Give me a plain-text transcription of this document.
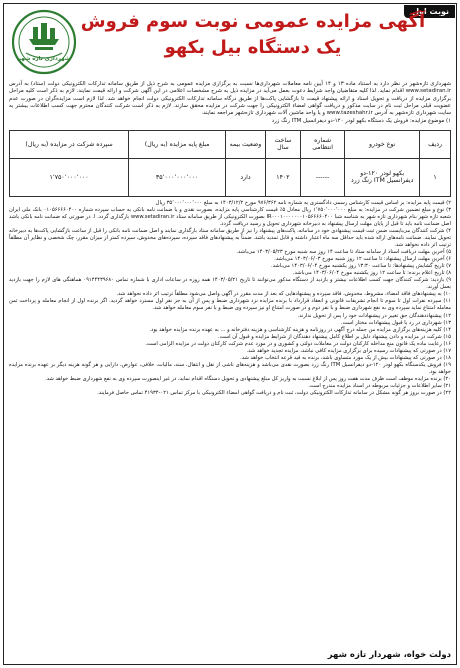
نوبت اول
آگهی مزایده عمومی نوبت سوم فروش
یک دستگاه بیل بکهو
شهرداری تازه شهر
شهرداری تازه‌شهر در نظر دارد به استناد ماده ۱۳ و ۱۴ آیین نامه معاملات شهرداری‌ها نسبت به برگزاری مزایده عمومی به شرح ذیل از طریق سامانه تدارکات الکترونیکی دولت (ستاد) به آدرس www.setadiran.ir اقدام نماید. لذا کلیه متقاضیان واجد شرایط دعوت بعمل می‌آید در مزایده ذیل به شرح مشخصات اعلامی در این آگهی شرکت و ارائه قیمت نمایند. لازم به ذکر است کلیه مراحل برگزاری مزایده از دریافت و تحویل اسناد و ارائه پیشنهاد قیمت تا بازگشایی پاکت‌ها از طریق درگاه سامانه تدارکات الکترونیکی دولت انجام خواهد شد. لذا لازم است مزایده‌گران در صورت عدم عضویت قبلی مراحل ثبت نام در سایت مذکور و دریافت گواهی امضاء الکترونیکی را جهت شرکت در مزایده محقق سازند. لازم به ذکر است شرکت کنندگان محترم جهت کسب اطلاعات بیشتر به سایت شهرداری تازه‌شهر به آدرس www.tazeshahr.ir و یا واحد ماشین آلات شهرداری تازه‌شهر مراجعه نمایند.
۱) موضوع مزایده: فروش یک دستگاه بکهو لودر ۱۲۰-دو دیفرانسیل ITM رنگ زرد
ردیف	نوع خودرو	شماره انتظامی	ساخت سال	وضعیت بیمه	مبلغ پایه مزایده (به ریال)	سپرده شرکت در مزایده (به ریال)
۱	بکهو لودر ۱۲۰-دو دیفرانسیل ITM رنگ زرد	------	۱۴۰۲	دارد	۳۵٬۰۰۰٬۰۰۰٬۰۰۰	۱٬۷۵۰٬۰۰۰٬۰۰۰

۲) قیمت پایه مزایده: بر اساس قیمت کارشناس رسمی دادگستری به شماره نامه ۹۷۶/۳۶۲ مورخ ۱۴۰۳/۱۲/۲ به مبلغ ۳۵٬۰۰۰٬۰۰۰٬۰۰۰ ریال

۳) نوع و مبلغ تضمین شرکت در مزایده: به مبلغ ۱٬۷۵۰٬۰۰۰٬۰۰۰ ریال معادل ۵٪ قیمت کارشناسی پایه مزایده، بصورت نقدی و یا ضمانت نامه بانکی به حساب سپرده شماره ۰۱۰۵۶۶۶۶۰۴۰۰ بانک ملی ایران شعبه تازه شهر بنام شهرداری تازه شهر به شناسه شبا IR۰۰۰۱۰۰۰۰۰۰۰۱۰۵۶۶۶۶۰۴۰۰ بصورت الکترونیکی از طریق سامانه ستاد www.setadiran.ir بارگذاری گردد. ا. در صورتی که ضمانت نامه بانکی باشد اصل ضمانت نامه باید تا قبل از پایان مهلت ارسال پیشنهاد به دبیرخانه شهرداری تحویل و رسید دریافت گردد.

۴) شرکت کنندگان می‌بایست ضمن ثبت قیمت پیشنهادی خود در سامانه، پاکت‌های پیشنهاد را نیز از طریق سامانه ستاد بارگذاری نمایند و اصل ضمانت نامه بانکی را قبل از ساعت بازگشایی پاکت‌ها به دبیرخانه تحویل نمایند. ضمانت نامه‌های ارائه شده باید حداقل سه ماه اعتبار داشته و قابل تمدید باشد. ضمناً به پیشنهادهای فاقد سپرده، سپرده‌های مخدوش، سپرده کمتر از میزان مقرر، چک شخصی و نظایر آن مطلقاً ترتیب اثر داده نخواهد شد.

۵) آخرین مهلت دریافت اسناد از سامانه ستاد تا ساعت ۱۴ روز سه شنبه مورخ ۱۴۰۳/۰۵/۲۳ می‌باشد.

۶) آخرین مهلت ارسال پیشنهاد: تا ساعت ۱۲ روز شنبه مورخ ۱۴۰۳/۰۶/۰۳ می‌باشد.

۷) تاریخ گشایش پیشنهادها: تا ساعت ۱۳:۳۰ روز یکشنبه مورخ ۱۴۰۳/۰۶/۰۴ می‌باشد.

۸) تاریخ اعلام برنده: تا ساعت ۱۲ روز یکشنبه مورخ ۱۴۰۳/۰۶/۰۴ می‌باشد.

۹) بازدید: شرکت کنندگان جهت کسب اطلاعات بیشتر و بازدید از دستگاه مذکور می‌توانند تا تاریخ ۱۴۰۳/۰۵/۲۱ همه روزه در ساعات اداری با شماره تماس ۰۹۱۴۴۴۳۹۶۸۰ هماهنگی های لازم را جهت بازدید بعمل آورند.

۱۰) به پیشنهادهای فاقد امضاء، مشروط، مخدوش، فاقد سپرده و پیشنهادهایی که بعد از مدت مقرر در آگهی واصل می‌شود مطلقاً ترتیب اثر داده نخواهد شد.

۱۱) سپرده نفرات اول تا سوم تا انجام تشریفات قانونی و انعقاد قرارداد با برنده مزایده نزد شهرداری ضبط و پس از آن به جز نفر اول مسترد خواهد گردید. اگر برنده اول از انجام معامله و پرداخت ثمن معامله امتناع نماید سپرده وی به نفع شهرداری ضبط و با نفر دوم و در صورت امتناع او نیز سپرده وی ضبط و با نفر سوم معامله خواهد شد.

۱۲) پیشنهاددهندگان حق تغییر در پیشنهادات خود را پس از تحویل ندارند.

۱۳) شهرداری در رد یا قبول پیشنهادات مختار است.

۱۴) کلیه هزینه‌های برگزاری مزایده من جمله درج آگهی در روزنامه و هزینه کارشناسی و هزینه دفترخانه و ... به عهده برنده مزایده خواهد بود.

۱۵) شرکت در مزایده و دادن پیشنهاد دلیل بر اطلاع کامل پیشنهاد دهندگان از شرایط مزایده و قبول آن است.

۱۶) رعایت ماده یک قانون منع مداخله کارکنان دولت در معاملات دولتی و کشوری و در مورد عدم شرکت کارکنان دولت در مزایده الزامی است.

۱۷) در صورتی که پیشنهادات رسیده برای برگزاری مزایده کافی نباشد، مزایده تجدید خواهد شد.

۱۸) در صورتی که پیشنهادات بیش از یک مورد متساوی باشد، برنده به قید قرعه انتخاب خواهد شد.

۱۹) فروش یکدستگاه بکهو لودر ۱۲۰-دو دیفرانسیل ITM رنگ زرد بصورت نقدی می‌باشد و هزینه‌های ناشی از نقل و انتقال، سند، مالیات، خلافی، عوارض، دارایی و هر گونه هزینه دیگر بر عهده برنده مزایده خواهد بود.

۲۰) برنده مزایده موظف است ظرف مدت هفت روز پس از ابلاغ نسبت به واریز کل مبلغ پیشنهادی و تحویل دستگاه اقدام نماید، در غیر اینصورت سپرده وی به نفع شهرداری ضبط خواهد شد.

۲۱) سایر اطلاعات و جزئیات مربوطه در اسناد مزایده مندرج است.

۲۲) در صورت بروز هر گونه مشکل در سامانه تدارکات الکترونیکی دولت، ثبت نام و دریافت گواهی امضاء الکترونیکی با مرکز تماس ۰۲۱-۴۱۹۳۴ تماس حاصل فرمایند.

دولت خواه، شهردار تازه شهر
